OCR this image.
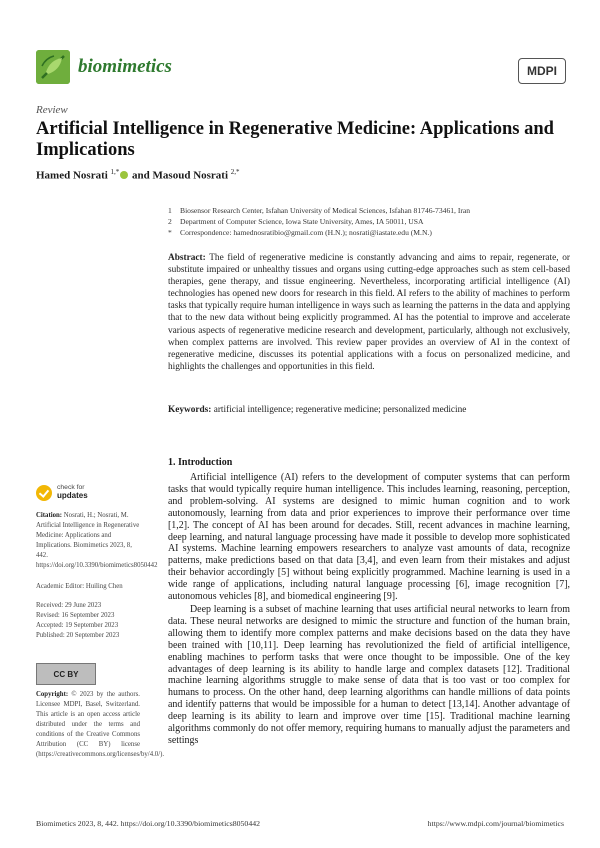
biomimetics	MDPI
Review
Artificial Intelligence in Regenerative Medicine: Applications and Implications
Hamed Nosrati $^{1,*}$ and Masoud Nosrati $^{2,*}$
1	Biosensor Research Center, Isfahan University of Medical Sciences, Isfahan 81746-73461, Iran
2	Department of Computer Science, Iowa State University, Ames, IA 50011, USA
*	Correspondence: hamednosratibio@gmail.com (H.N.); nosrati@iastate.edu (M.N.)
Abstract: The field of regenerative medicine is constantly advancing and aims to repair, regenerate, or substitute impaired or unhealthy tissues and organs using cutting-edge approaches such as stem cell-based therapies, gene therapy, and tissue engineering. Nevertheless, incorporating artificial intelligence (AI) technologies has opened new doors for research in this field. AI refers to the ability of machines to perform tasks that typically require human intelligence in ways such as learning the patterns in the data and applying that to the new data without being explicitly programmed. AI has the potential to improve and accelerate various aspects of regenerative medicine research and development, particularly, although not exclusively, when complex patterns are involved. This review paper provides an overview of AI in the context of regenerative medicine, discusses its potential applications with a focus on personalized medicine, and highlights the challenges and opportunities in this field.
Keywords: artificial intelligence; regenerative medicine; personalized medicine
1. Introduction

Artificial intelligence (AI) refers to the development of computer systems that can perform tasks that would typically require human intelligence. This includes learning, reasoning, perception, and problem-solving. AI systems are designed to mimic human cognition and to work autonomously, learning from data and prior experiences to improve their performance over time [1,2]. The concept of AI has been around for decades. Still, recent advances in machine learning, deep learning, and natural language processing have made it possible to develop more sophisticated AI systems. Machine learning empowers researchers to analyze vast amounts of data, recognize patterns, make predictions based on that data [3,4], and even learn from their mistakes and adjust their behavior accordingly [5] without being explicitly programmed. Machine learning is used in a wide range of applications, including natural language processing [6], image recognition [7], autonomous vehicles [8], and biomedical engineering [9].

Deep learning is a subset of machine learning that uses artificial neural networks to learn from data. These neural networks are designed to mimic the structure and function of the human brain, allowing them to identify more complex patterns and make decisions based on the data they have been trained with [10,11]. Deep learning has revolutionized the field of artificial intelligence, enabling machines to perform tasks that were once thought to be impossible. One of the key advantages of deep learning is its ability to handle large and complex datasets [12]. Traditional machine learning algorithms struggle to make sense of data that is too vast or too complex for humans to process. On the other hand, deep learning algorithms can handle millions of data points and identify patterns that would be impossible for a human to detect [13,14]. Another advantage of deep learning is its ability to learn and improve over time [15]. Traditional machine learning algorithms commonly do not offer memory, requiring humans to manually adjust the parameters and settings

check for
updates
Citation: Nosrati, H.; Nosrati, M. Artificial Intelligence in Regenerative Medicine: Applications and Implications. Biomimetics 2023, 8, 442. https://doi.org/10.3390/biomimetics8050442
Academic Editor: Huiling Chen
Received: 29 June 2023
Revised: 16 September 2023
Accepted: 19 September 2023
Published: 20 September 2023
CC BY
Copyright: © 2023 by the authors. Licensee MDPI, Basel, Switzerland. This article is an open access article distributed under the terms and conditions of the Creative Commons Attribution (CC BY) license (https://creativecommons.org/licenses/by/4.0/).
Biomimetics 2023, 8, 442. https://doi.org/10.3390/biomimetics8050442	https://www.mdpi.com/journal/biomimetics
